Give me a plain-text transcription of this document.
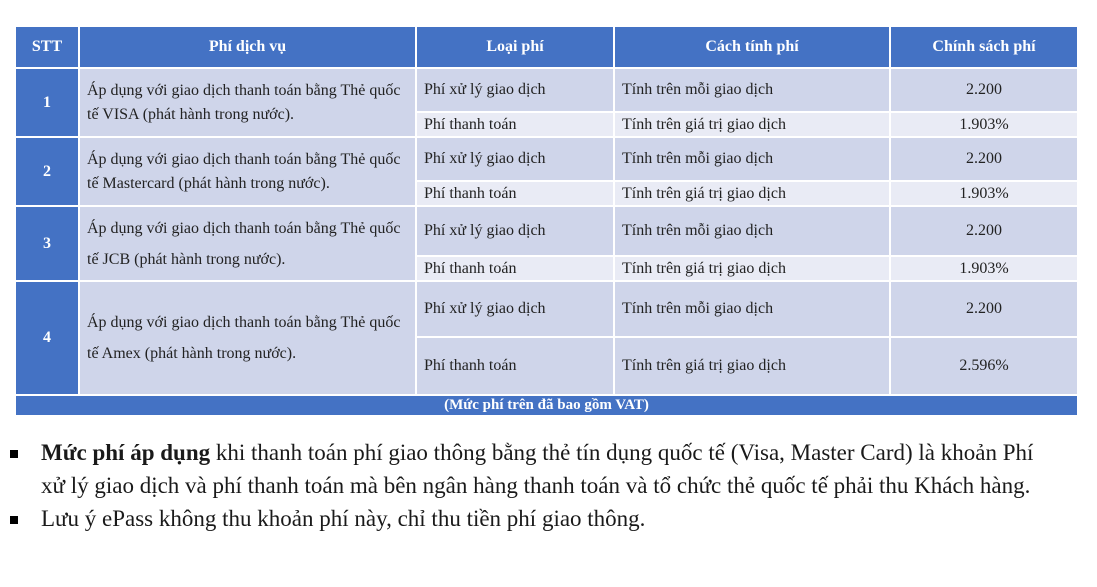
STT	Phí dịch vụ	Loại phí	Cách tính phí	Chính sách phí
1	Áp dụng với giao dịch thanh toán bằng Thẻ quốc tế VISA (phát hành trong nước).	Phí xử lý giao dịch	Tính trên mỗi giao dịch	2.200
		Phí thanh toán	Tính trên giá trị giao dịch	1.903%
2	Áp dụng với giao dịch thanh toán bằng Thẻ quốc tế Mastercard (phát hành trong nước).	Phí xử lý giao dịch	Tính trên mỗi giao dịch	2.200
		Phí thanh toán	Tính trên giá trị giao dịch	1.903%
3	Áp dụng với giao dịch thanh toán bằng Thẻ quốc tế JCB (phát hành trong nước).	Phí xử lý giao dịch	Tính trên mỗi giao dịch	2.200
		Phí thanh toán	Tính trên giá trị giao dịch	1.903%
4	Áp dụng với giao dịch thanh toán bằng Thẻ quốc tế Amex (phát hành trong nước).	Phí xử lý giao dịch	Tính trên mỗi giao dịch	2.200
		Phí thanh toán	Tính trên giá trị giao dịch	2.596%
(Mức phí trên đã bao gồm VAT)				
Mức phí áp dụng khi thanh toán phí giao thông bằng thẻ tín dụng quốc tế (Visa, Master Card) là khoản Phí xử lý giao dịch và phí thanh toán mà bên ngân hàng thanh toán và tổ chức thẻ quốc tế phải thu Khách hàng.
Lưu ý ePass không thu khoản phí này, chỉ thu tiền phí giao thông.
